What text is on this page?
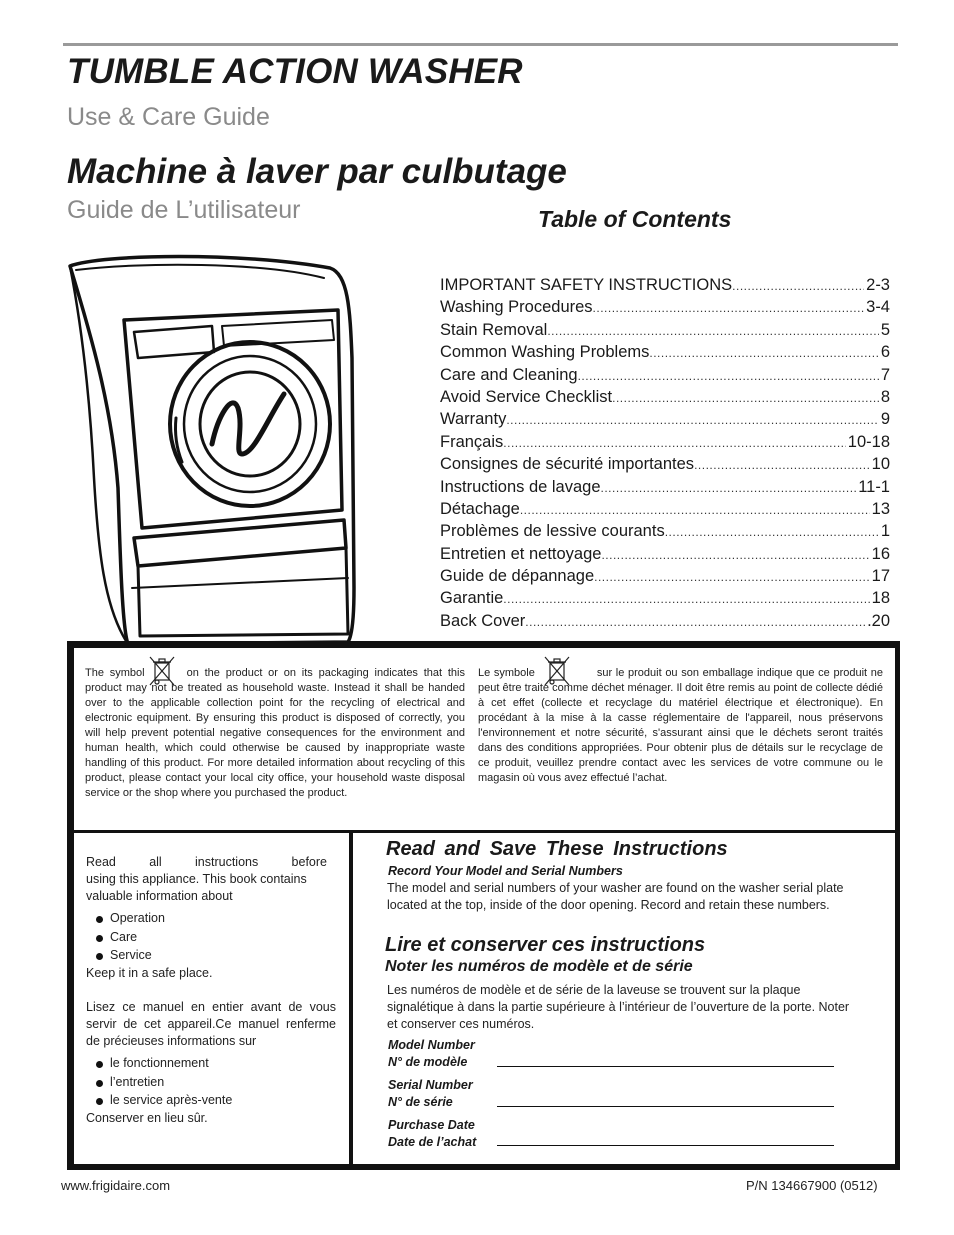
TUMBLE ACTION WASHER
Use & Care Guide
Machine à laver par culbutage
Guide de L’utilisateur	Table of Contents
IMPORTANT SAFETY INSTRUCTIONS .....	2-3
Washing Procedures .....	3-4
Stain Removal .....	5
Common Washing Problems .....	6
Care and Cleaning .....	7
Avoid Service Checklist .....	8
Warranty .....	9
Français .....	10-18
Consignes de sécurité importantes .....	10
Instructions de lavage .....	11-1
Détachage .....	13
Problèmes de lessive courants .....	1
Entretien et nettoyage .....	16
Guide de dépannage .....	17
Garantie .....	18
Back Cover .....	.20
The symbol	on the product or on its packaging indicates that this product may not be treated as household waste. Instead it shall be handed over to the applicable collection point for the recycling of electrical and electronic equipment. By ensuring this product is disposed of correctly, you will help prevent potential negative consequences for the environment and human health, which could otherwise be caused by inappropriate waste handling of this product. For more detailed information about recycling of this product, please contact your local city office, your household waste disposal service or the shop where you purchased the product.
Le symbole	sur le produit ou son emballage indique que ce produit ne peut être traité comme déchet ménager. Il doit être remis au point de collecte dédié à cet effet (collecte et recyclage du matériel électrique et électronique). En procédant à la mise à la casse réglementaire de l'appareil, nous préservons l'environnement et notre sécurité, s'assurant ainsi que le déchets seront traités dans des conditions appropriées. Pour obtenir plus de détails sur le recyclage de ce produit, veuillez prendre contact avec les services de votre commune ou le magasin où vous avez effectué l’achat.
Read all instructions before
using this appliance. This book contains valuable information about
Operation
Care
Service
Keep it in a safe place.
Lisez ce manuel en entier avant de vous servir de cet appareil.Ce manuel renferme de précieuses informations sur
le fonctionnement
l’entretien
le service après-vente
Conserver en lieu sûr.
Read and Save These Instructions
Record Your Model and Serial Numbers
The model and serial numbers of your washer are found on the washer serial plate located at the top, inside of the door opening. Record and retain these numbers.
Lire et conserver ces instructions
Noter les numéros de modèle et de série
Les numéros de modèle et de série de la laveuse se trouvent sur la plaque signalétique à dans la partie supérieure à l’intérieur de l’ouverture de la porte. Noter et conserver ces numéros.
Model Number
N° de modèle
Serial Number
N° de série
Purchase Date
Date de l’achat
www.frigidaire.com	P/N 134667900 (0512)
